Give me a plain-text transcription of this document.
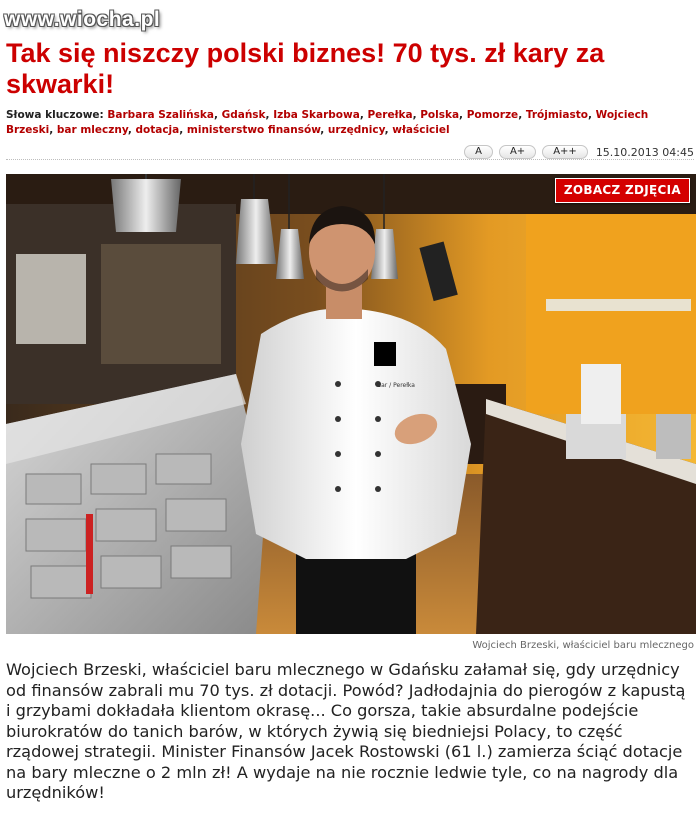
www.wiocha.pl
Tak się niszczy polski biznes! 70 tys. zł kary za skwarki!
Słowa kluczowe: Barbara Szalińska, Gdańsk, Izba Skarbowa, Perełka, Polska, Pomorze, Trójmiasto, Wojciech Brzeski, bar mleczny, dotacja, ministerstwo finansów, urzędnicy, właściciel
A	A+	A++	15.10.2013 04:45
Bar / Perełka
ZOBACZ ZDJĘCIA
Wojciech Brzeski, właściciel baru mlecznego

Wojciech Brzeski, właściciel baru mlecznego w Gdańsku załamał się, gdy urzędnicy od finansów zabrali mu 70 tys. zł dotacji. Powód? Jadłodajnia do pierogów z kapustą i grzybami dokładała klientom okrasę... Co gorsza, takie absurdalne podejście biurokratów do tanich barów, w których żywią się biedniejsi Polacy, to część rządowej strategii. Minister Finansów Jacek Rostowski (61 l.) zamierza ściąć dotacje na bary mleczne o 2 mln zł! A wydaje na nie rocznie ledwie tyle, co na nagrody dla urzędników!
